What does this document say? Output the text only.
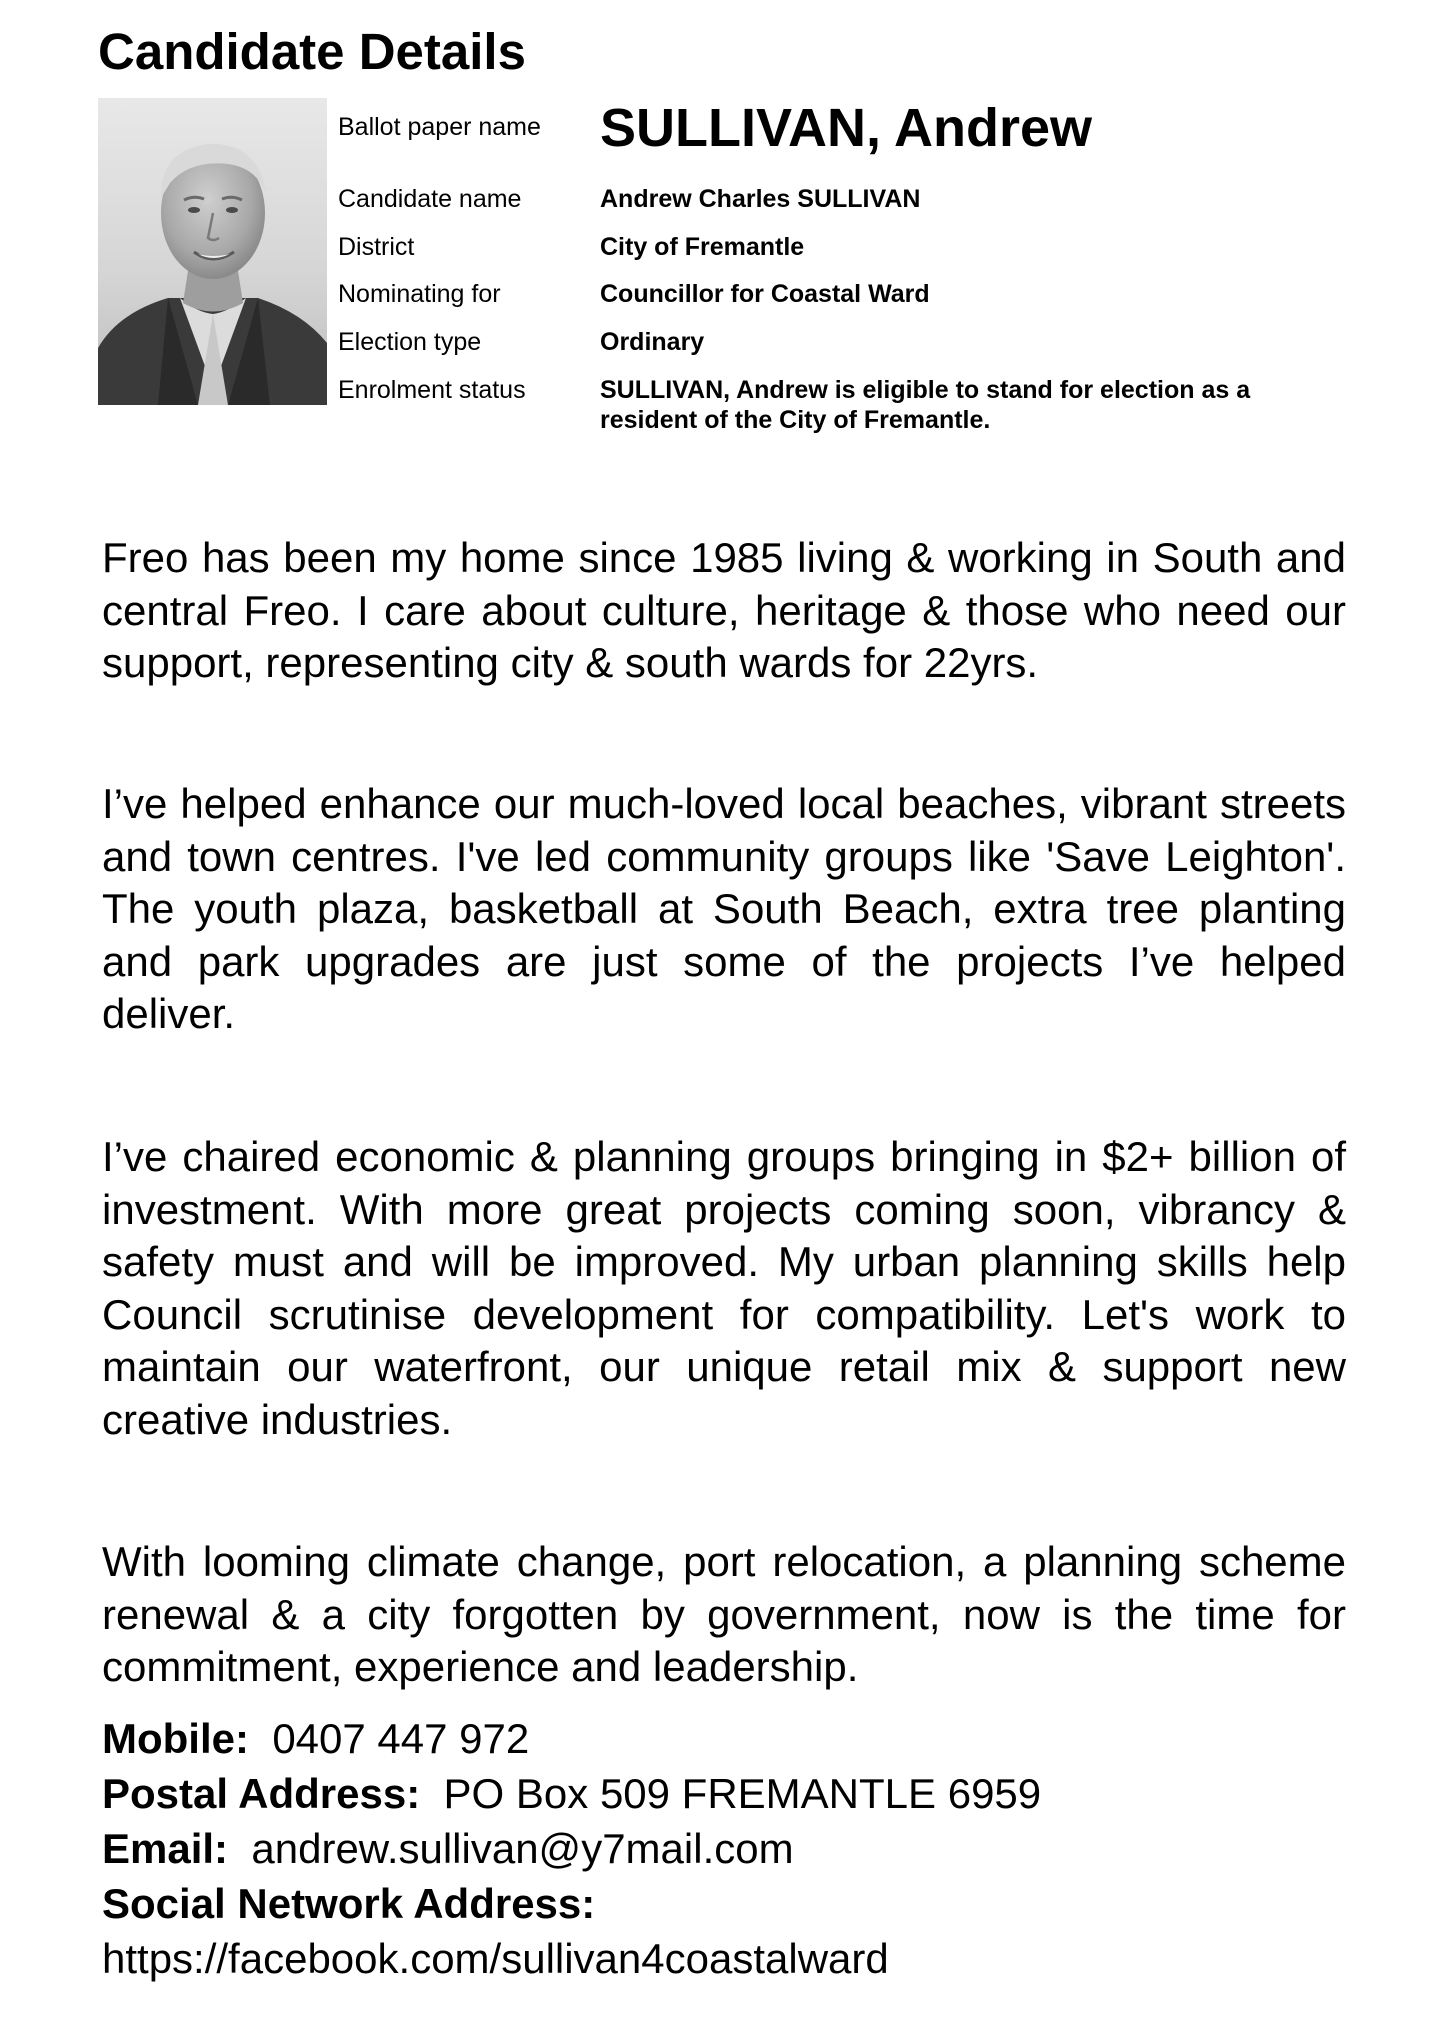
Candidate Details
Ballot paper name SULLIVAN, Andrew
Candidate name	Andrew Charles SULLIVAN
District	City of Fremantle
Nominating for	Councillor for Coastal Ward
Election type	Ordinary
Enrolment status	SULLIVAN, Andrew is eligible to stand for election as a resident of the City of Fremantle.
Freo has been my home since 1985 living & working in South and central Freo. I care about culture, heritage & those who need our support, representing city & south wards for 22yrs.
I’ve helped enhance our much-loved local beaches, vibrant streets and town centres. I've led community groups like 'Save Leighton'. The youth plaza, basketball at South Beach, extra tree planting and park upgrades are just some of the projects I’ve helped deliver.
I’ve chaired economic & planning groups bringing in $2+ billion of investment. With more great projects coming soon, vibrancy & safety must and will be improved. My urban planning skills help Council scrutinise development for compatibility. Let's work to maintain our waterfront, our unique retail mix & support new creative industries.
With looming climate change, port relocation, a planning scheme renewal & a city forgotten by government, now is the time for commitment, experience and leadership.
Mobile: 0407 447 972
Postal Address: PO Box 509 FREMANTLE 6959
Email: andrew.sullivan@y7mail.com
Social Network Address:
https://facebook.com/sullivan4coastalward
